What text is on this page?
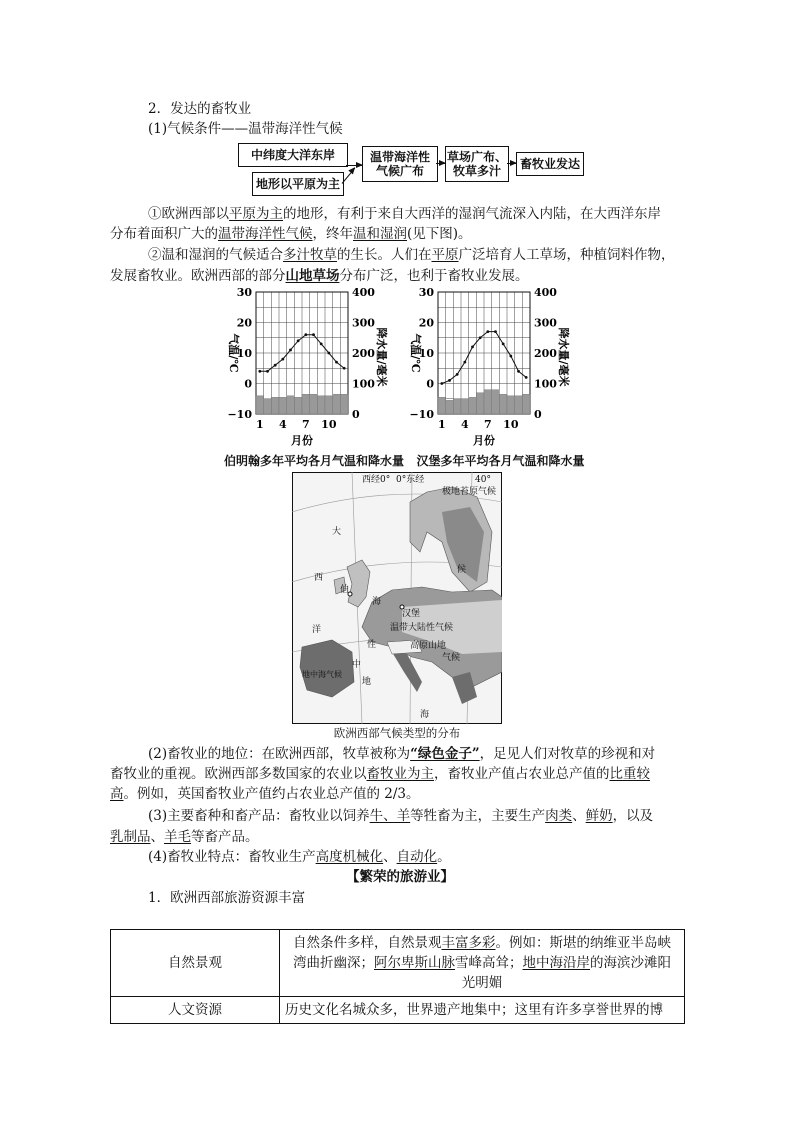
2．发达的畜牧业
(1)气候条件——温带海洋性气候
中纬度大洋东岸
地形以平原为主
温带海洋性
气候广布
草场广布、
牧草多汁	畜牧业发达
①欧洲西部以平原为主的地形，有利于来自大西洋的湿润气流深入内陆，在大西洋东岸
分布着面积广大的温带海洋性气候，终年温和湿润(见下图)。
②温和湿润的气候适合多汁牧草的生长。人们在平原广泛培育人工草场，种植饲料作物，
发展畜牧业。欧洲西部的部分山地草场分布广泛，也利于畜牧业发展。
30
20
10
0
−10
400
300
200
100
0
1 4 7 10
月份
气温/℃	降水量/毫米
30
20
10
0
−10
400
300
200
100
0
1 4 7 10
月份
气温/℃	降水量/毫米
伯明翰多年平均各月气温和降水量   汉堡多年平均各月气温和降水量
西经0° 0°东经	40°
极地苔原气候
候
大
西
洋
海
性
汉堡
温带大陆性气候
高原山地
气候
地中海气候
中
地
海
伯
欧洲西部气候类型的分布
(2)畜牧业的地位：在欧洲西部，牧草被称为“绿色金子”，足见人们对牧草的珍视和对
畜牧业的重视。欧洲西部多数国家的农业以畜牧业为主，畜牧业产值占农业总产值的比重较
高。例如，英国畜牧业产值约占农业总产值的 2/3。
(3)主要畜种和畜产品：畜牧业以饲养牛、羊等牲畜为主，主要生产肉类、鲜奶，以及
乳制品、羊毛等畜产品。
(4)畜牧业特点：畜牧业生产高度机械化、自动化。
【繁荣的旅游业】
1．欧洲西部旅游资源丰富
自然景观	自然条件多样，自然景观丰富多彩。例如：斯堪的纳维亚半岛峡
湾曲折幽深；阿尔卑斯山脉雪峰高耸；地中海沿岸的海滨沙滩阳
光明媚

人文资源	历史文化名城众多，世界遗产地集中；这里有许多享誉世界的博
